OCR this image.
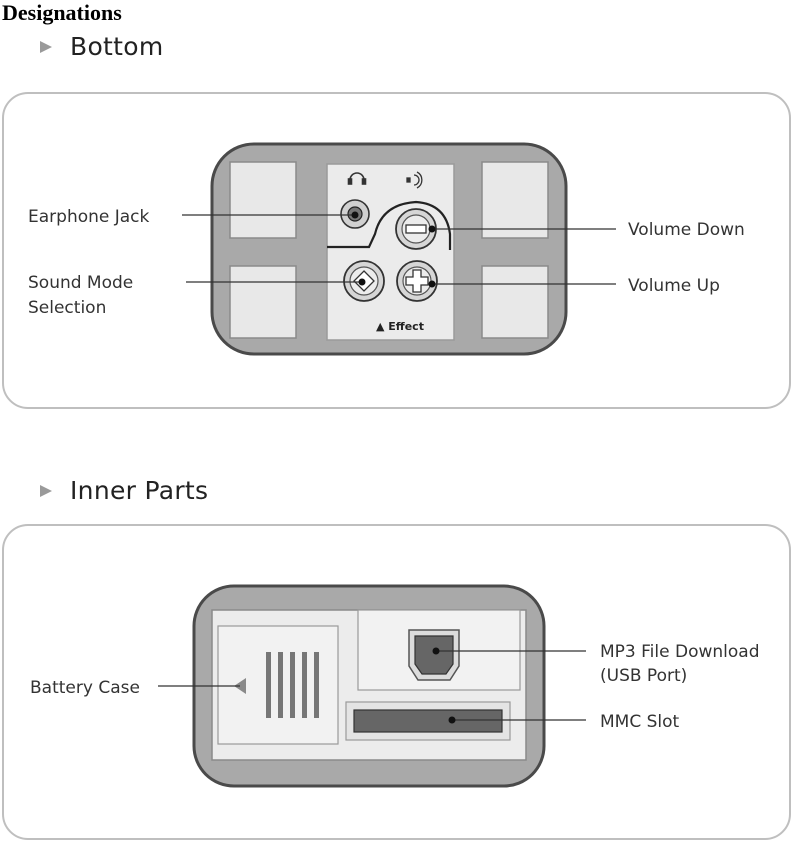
Designations
Bottom
▲ Effect
Earphone Jack
Sound Mode
Selection
Volume Down
Volume Up
Inner Parts
Battery Case
MP3 File Download
(USB Port)
MMC Slot
